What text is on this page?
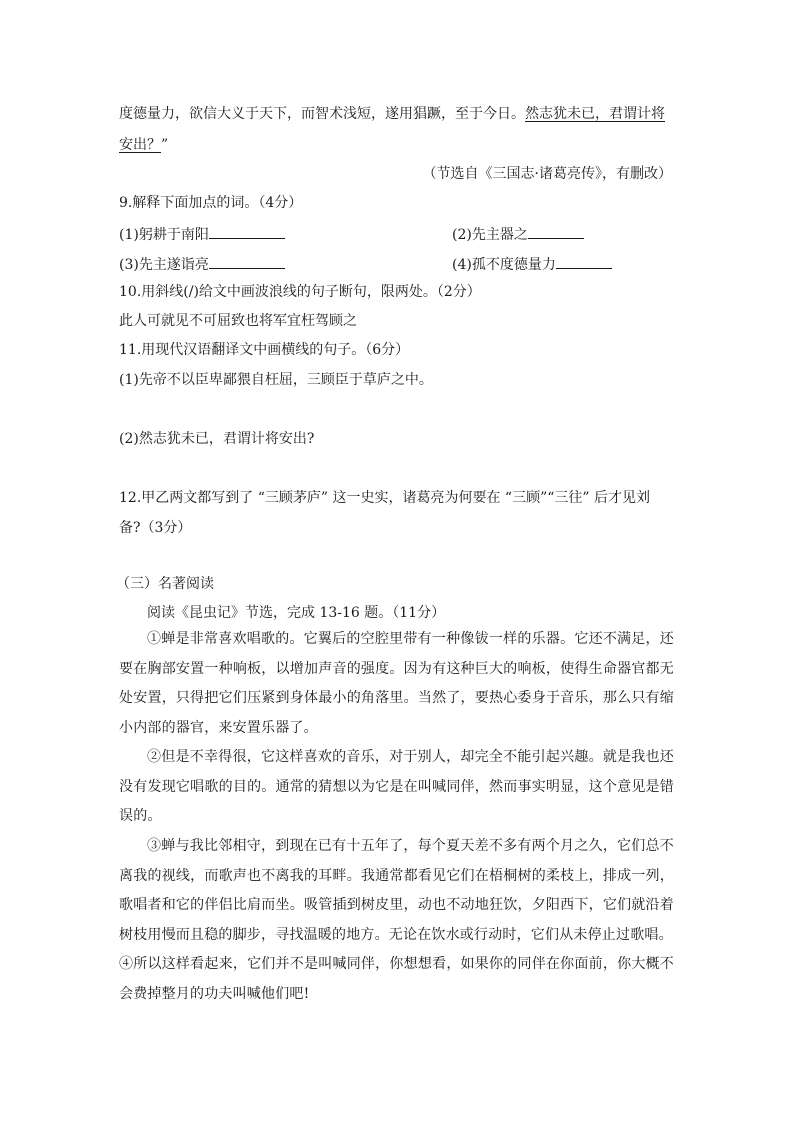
度德量力，欲信大义于天下，而智术浅短，遂用猖蹶，至于今日。然志犹未已，君谓计将
安出？”
（节选自《三国志·诸葛亮传》，有删改）
9.解释下面加点的词。（4分）
(1)躬耕于南阳	(2)先主器之
(3)先主遂诣亮	(4)孤不度德量力
10.用斜线(/)给文中画波浪线的句子断句，限两处。（2分）
此人可就见不可屈致也将军宜枉驾顾之
11.用现代汉语翻译文中画横线的句子。（6分）
(1)先帝不以臣卑鄙猥自枉屈，三顾臣于草庐之中。
(2)然志犹未已，君谓计将安出?
12.甲乙两文都写到了 “三顾茅庐” 这一史实，诸葛亮为何要在 “三顾”“三往” 后才见刘
备?（3分）
（三）名著阅读
阅读《昆虫记》节选，完成 13-16 题。（11分）
①蝉是非常喜欢唱歌的。它翼后的空腔里带有一种像钹一样的乐器。它还不满足，还要在胸部安置一种响板，以增加声音的强度。因为有这种巨大的响板，使得生命器官都无处安置，只得把它们压紧到身体最小的角落里。当然了，要热心委身于音乐，那么只有缩小内部的器官，来安置乐器了。
②但是不幸得很，它这样喜欢的音乐，对于别人，却完全不能引起兴趣。就是我也还没有发现它唱歌的目的。通常的猜想以为它是在叫喊同伴，然而事实明显，这个意见是错误的。
③蝉与我比邻相守，到现在已有十五年了，每个夏天差不多有两个月之久，它们总不离我的视线，而歌声也不离我的耳畔。我通常都看见它们在梧桐树的柔枝上，排成一列，歌唱者和它的伴侣比肩而坐。吸管插到树皮里，动也不动地狂饮，夕阳西下，它们就沿着树枝用慢而且稳的脚步，寻找温暖的地方。无论在饮水或行动时，它们从未停止过歌唱。
④所以这样看起来，它们并不是叫喊同伴，你想想看，如果你的同伴在你面前，你大概不会费掉整月的功夫叫喊他们吧!
